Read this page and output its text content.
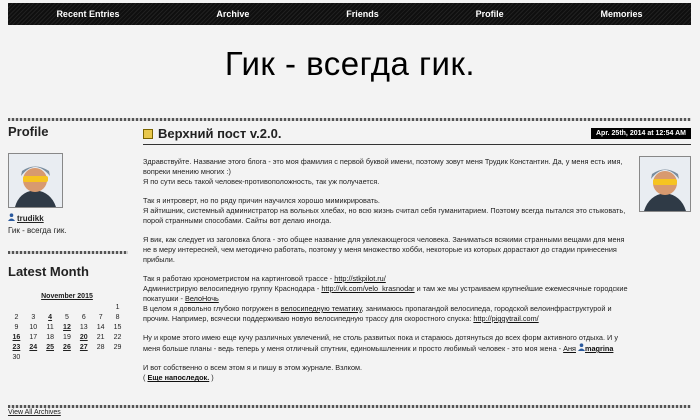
Recent Entries	Archive	Friends	Profile	Memories
Гик - всегда гик.
Profile
trudikk
Гик - всегда гик.
Latest Month
November 2015
						1
2	3	4	5	6	7	8
9	10	11	12	13	14	15
16	17	18	19	20	21	22
23	24	25	26	27	28	29
30						
View All Archives
Верхний пост v.2.0.	Apr. 25th, 2014 at 12:54 AM

Здравствуйте. Название этого блога - это моя фамилия с первой буквой имени, поэтому зовут меня Трудик Константин. Да, у меня есть имя, вопреки мнению многих :)
Я по сути весь такой человек-противоположность, так уж получается.

Так я интроверт, но по ряду причин научился хорошо мимикрировать.
Я айтишник, системный администратор на вольных хлебах, но всю жизнь считал себя гуманитарием. Поэтому всегда пытался это стыковать, порой странными способами. Сайты вот делаю иногда.

Я вик, как следует из заголовка блога - это общее название для увлекающегося человека. Заниматься всякими странными вещами для меня не в меру интересней, чем методично работать, поэтому у меня множество хобби, некоторые из которых дорастают до стадии принесения прибыли.

Так я работаю хронометристом на картинговой трассе - http://stkpilot.ru/
Администрирую велосипедную группу Краснодара - http://vk.com/velo_krasnodar и там же мы устраиваем крупнейшие ежемесячные городские покатушки - ВелоНочь
В целом я довольно глубоко погружен в велосипедную тематику, занимаюсь пропагандой велосипеда, городской велоинфраструктурой и прочим. Например, всячески поддерживаю новую велосипедную трассу для скоростного спуска: http://piggytrail.com/

Ну и кроме этого имею еще кучу различных увлечений, не столь развитых пока и стараюсь дотянуться до всех форм активного отдыха. И у меня больше планы - ведь теперь у меня отличный спутник, единомышленник и просто любимый человек - это моя жена - Аня magrina

И вот собственно о всем этом я и пишу в этом журнале. Взлком.
( Еще напоследок. )
